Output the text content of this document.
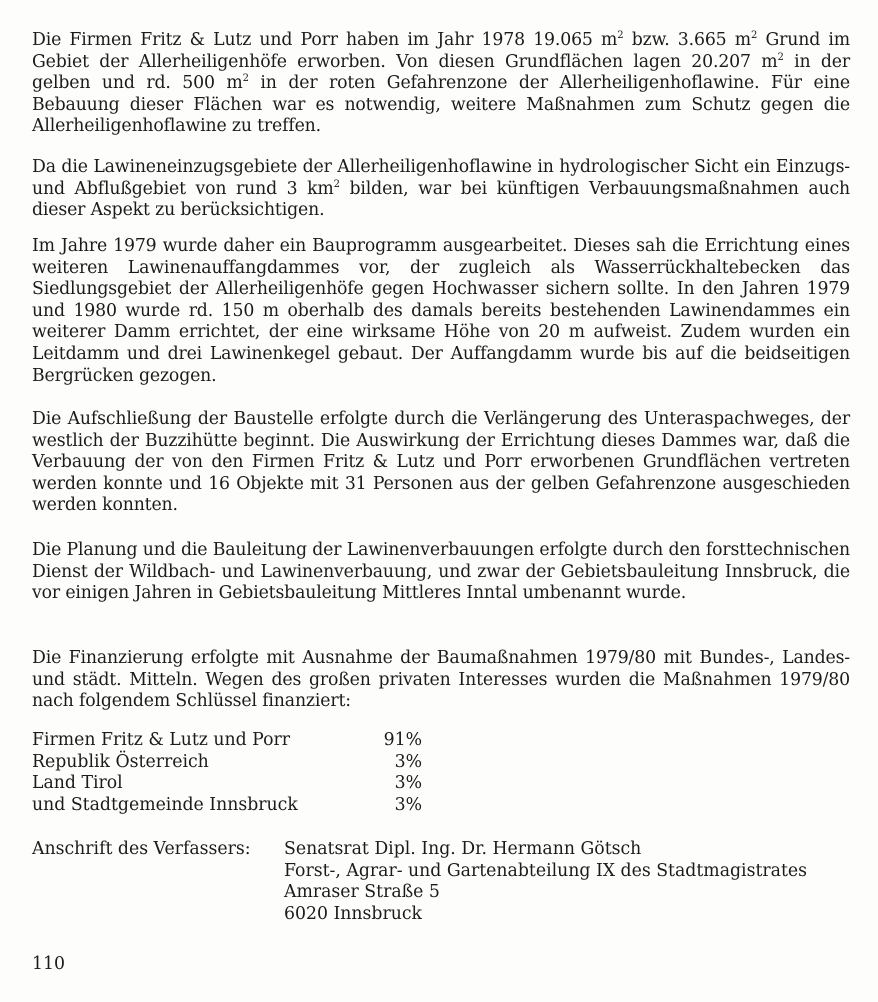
Die Firmen Fritz & Lutz und Porr haben im Jahr 1978 19.065 $m^2$ bzw. 3.665 $m^2$ Grund im Gebiet der Allerheiligenhöfe erworben. Von diesen Grundflächen lagen 20.207 $m^2$ in der gelben und rd. 500 $m^2$ in der roten Gefahrenzone der Allerheiligenhoflawine. Für eine Bebauung dieser Flächen war es notwendig, weitere Maßnahmen zum Schutz gegen die Allerheiligenhoflawine zu treffen.

Da die Lawineneinzugsgebiete der Allerheiligenhoflawine in hydrologischer Sicht ein Einzugs- und Abflußgebiet von rund 3 $km^2$ bilden, war bei künftigen Verbauungsmaßnahmen auch dieser Aspekt zu berücksichtigen.

Im Jahre 1979 wurde daher ein Bauprogramm ausgearbeitet. Dieses sah die Errichtung eines weiteren Lawinenauffangdammes vor, der zugleich als Wasserrückhaltebecken das Siedlungsgebiet der Allerheiligenhöfe gegen Hochwasser sichern sollte. In den Jahren 1979 und 1980 wurde rd. 150 m oberhalb des damals bereits bestehenden Lawinendammes ein weiterer Damm errichtet, der eine wirksame Höhe von 20 m aufweist. Zudem wurden ein Leitdamm und drei Lawinenkegel gebaut. Der Auffangdamm wurde bis auf die beidseitigen Bergrücken gezogen.

Die Aufschließung der Baustelle erfolgte durch die Verlängerung des Unteraspachweges, der westlich der Buzzihütte beginnt. Die Auswirkung der Errichtung dieses Dammes war, daß die Verbauung der von den Firmen Fritz & Lutz und Porr erworbenen Grundflächen vertreten werden konnte und 16 Objekte mit 31 Personen aus der gelben Gefahrenzone ausgeschieden werden konnten.

Die Planung und die Bauleitung der Lawinenverbauungen erfolgte durch den forsttechnischen Dienst der Wildbach- und Lawinenverbauung, und zwar der Gebietsbauleitung Innsbruck, die vor einigen Jahren in Gebietsbauleitung Mittleres Inntal umbenannt wurde.

Die Finanzierung erfolgte mit Ausnahme der Baumaßnahmen 1979/80 mit Bundes-, Landes- und städt. Mitteln. Wegen des großen privaten Interesses wurden die Maßnahmen 1979/80 nach folgendem Schlüssel finanziert:

Firmen Fritz & Lutz und Porr	91%
Republik Österreich	3%
Land Tirol	3%
und Stadtgemeinde Innsbruck	3%
Anschrift des Verfassers:	Senatsrat Dipl. Ing. Dr. Hermann Götsch
Forst-, Agrar- und Gartenabteilung IX des Stadtmagistrates
Amraser Straße 5
6020 Innsbruck
110
